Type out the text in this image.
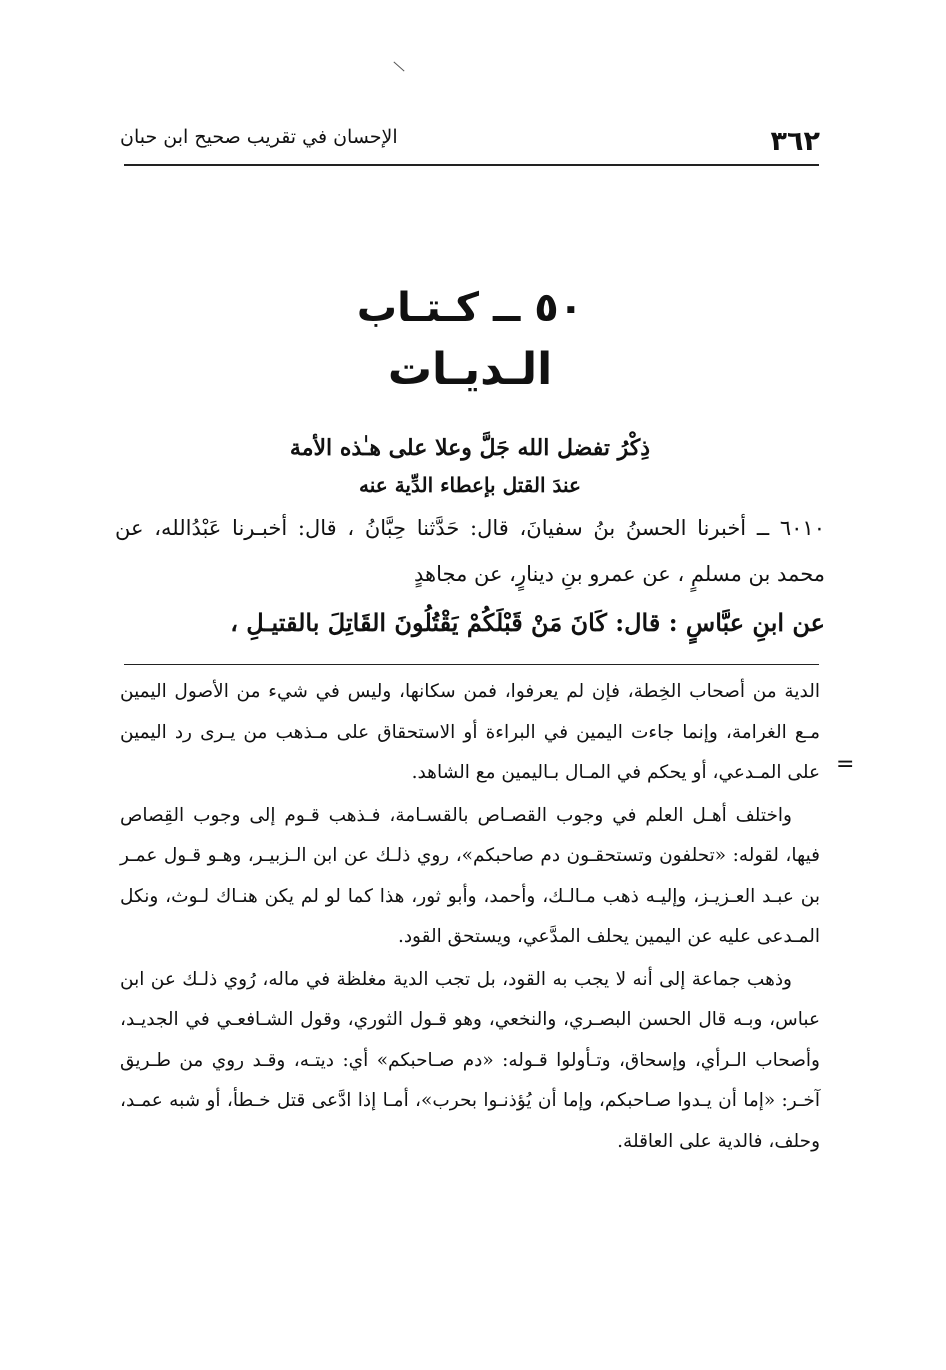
٣٦٢
الإحسان في تقريب صحيح ابن حبان
٥٠ ــ كـتـاب
الـديـات
ذِكْرُ تفضل الله جَلَّ وعلا على هـٰذه الأمة
عندَ القتل بإعطاء الدِّية عنه

٦٠١٠ ــ أخبرنا الحسنُ بنُ سفيانَ، قال: حَدَّثنا حِبَّانُ ، قال: أخبـرنا عَبْدُالله، عن محمد بن مسلمٍ ، عن عمرو بنِ دينارٍ، عن مجاهدٍ

عن ابنِ عبَّاسٍ : قال: كَانَ مَنْ قَبْلَكُمْ يَقْتُلُونَ القَاتِلَ بالقتيـلِ ،

=

الدية من أصحاب الخِطة، فإن لم يعرفوا، فمن سكانها، وليس في شيء من الأصول اليمين مـع الغرامة، وإنما جاءت اليمين في البراءة أو الاستحقاق على مـذهب من يـرى رد اليمين على المـدعي، أو يحكم في المـال بـاليمين مع الشاهد.

واختلف أهـل العلم في وجوب القصـاص بالقسـامة، فـذهب قـوم إلى وجوب القِصاص فيها، لقوله: «تحلفون وتستحقـون دم صاحبكم»، روي ذلـك عن ابن الـزبيـر، وهـو قـول عمـر بن عبـد العـزيـز، وإليـه ذهب مـالـك، وأحمد، وأبو ثور، هذا كما لو لم يكن هنـاك لـوث، ونكل المـدعى عليه عن اليمين يحلف المدَّعي، ويستحق القود.

وذهب جماعة إلى أنه لا يجب به القود، بل تجب الدية مغلظة في ماله، رُوي ذلـك عن ابن عباس، وبـه قال الحسن البصـري، والنخعي، وهو قـول الثوري، وقول الشـافعـي في الجديـد، وأصحاب الـرأي، وإسحاق، وتـأولوا قـوله: «دم صـاحبكم» أي: ديتـه، وقـد روي من طـريق آخـر: «إما أن يـدوا صـاحبكم، وإما أن يُؤذنـوا بحرب»، أمـا إذا ادَّعى قتل خـطأ، أو شبه عمـد، وحلف، فالدية على العاقلة.
